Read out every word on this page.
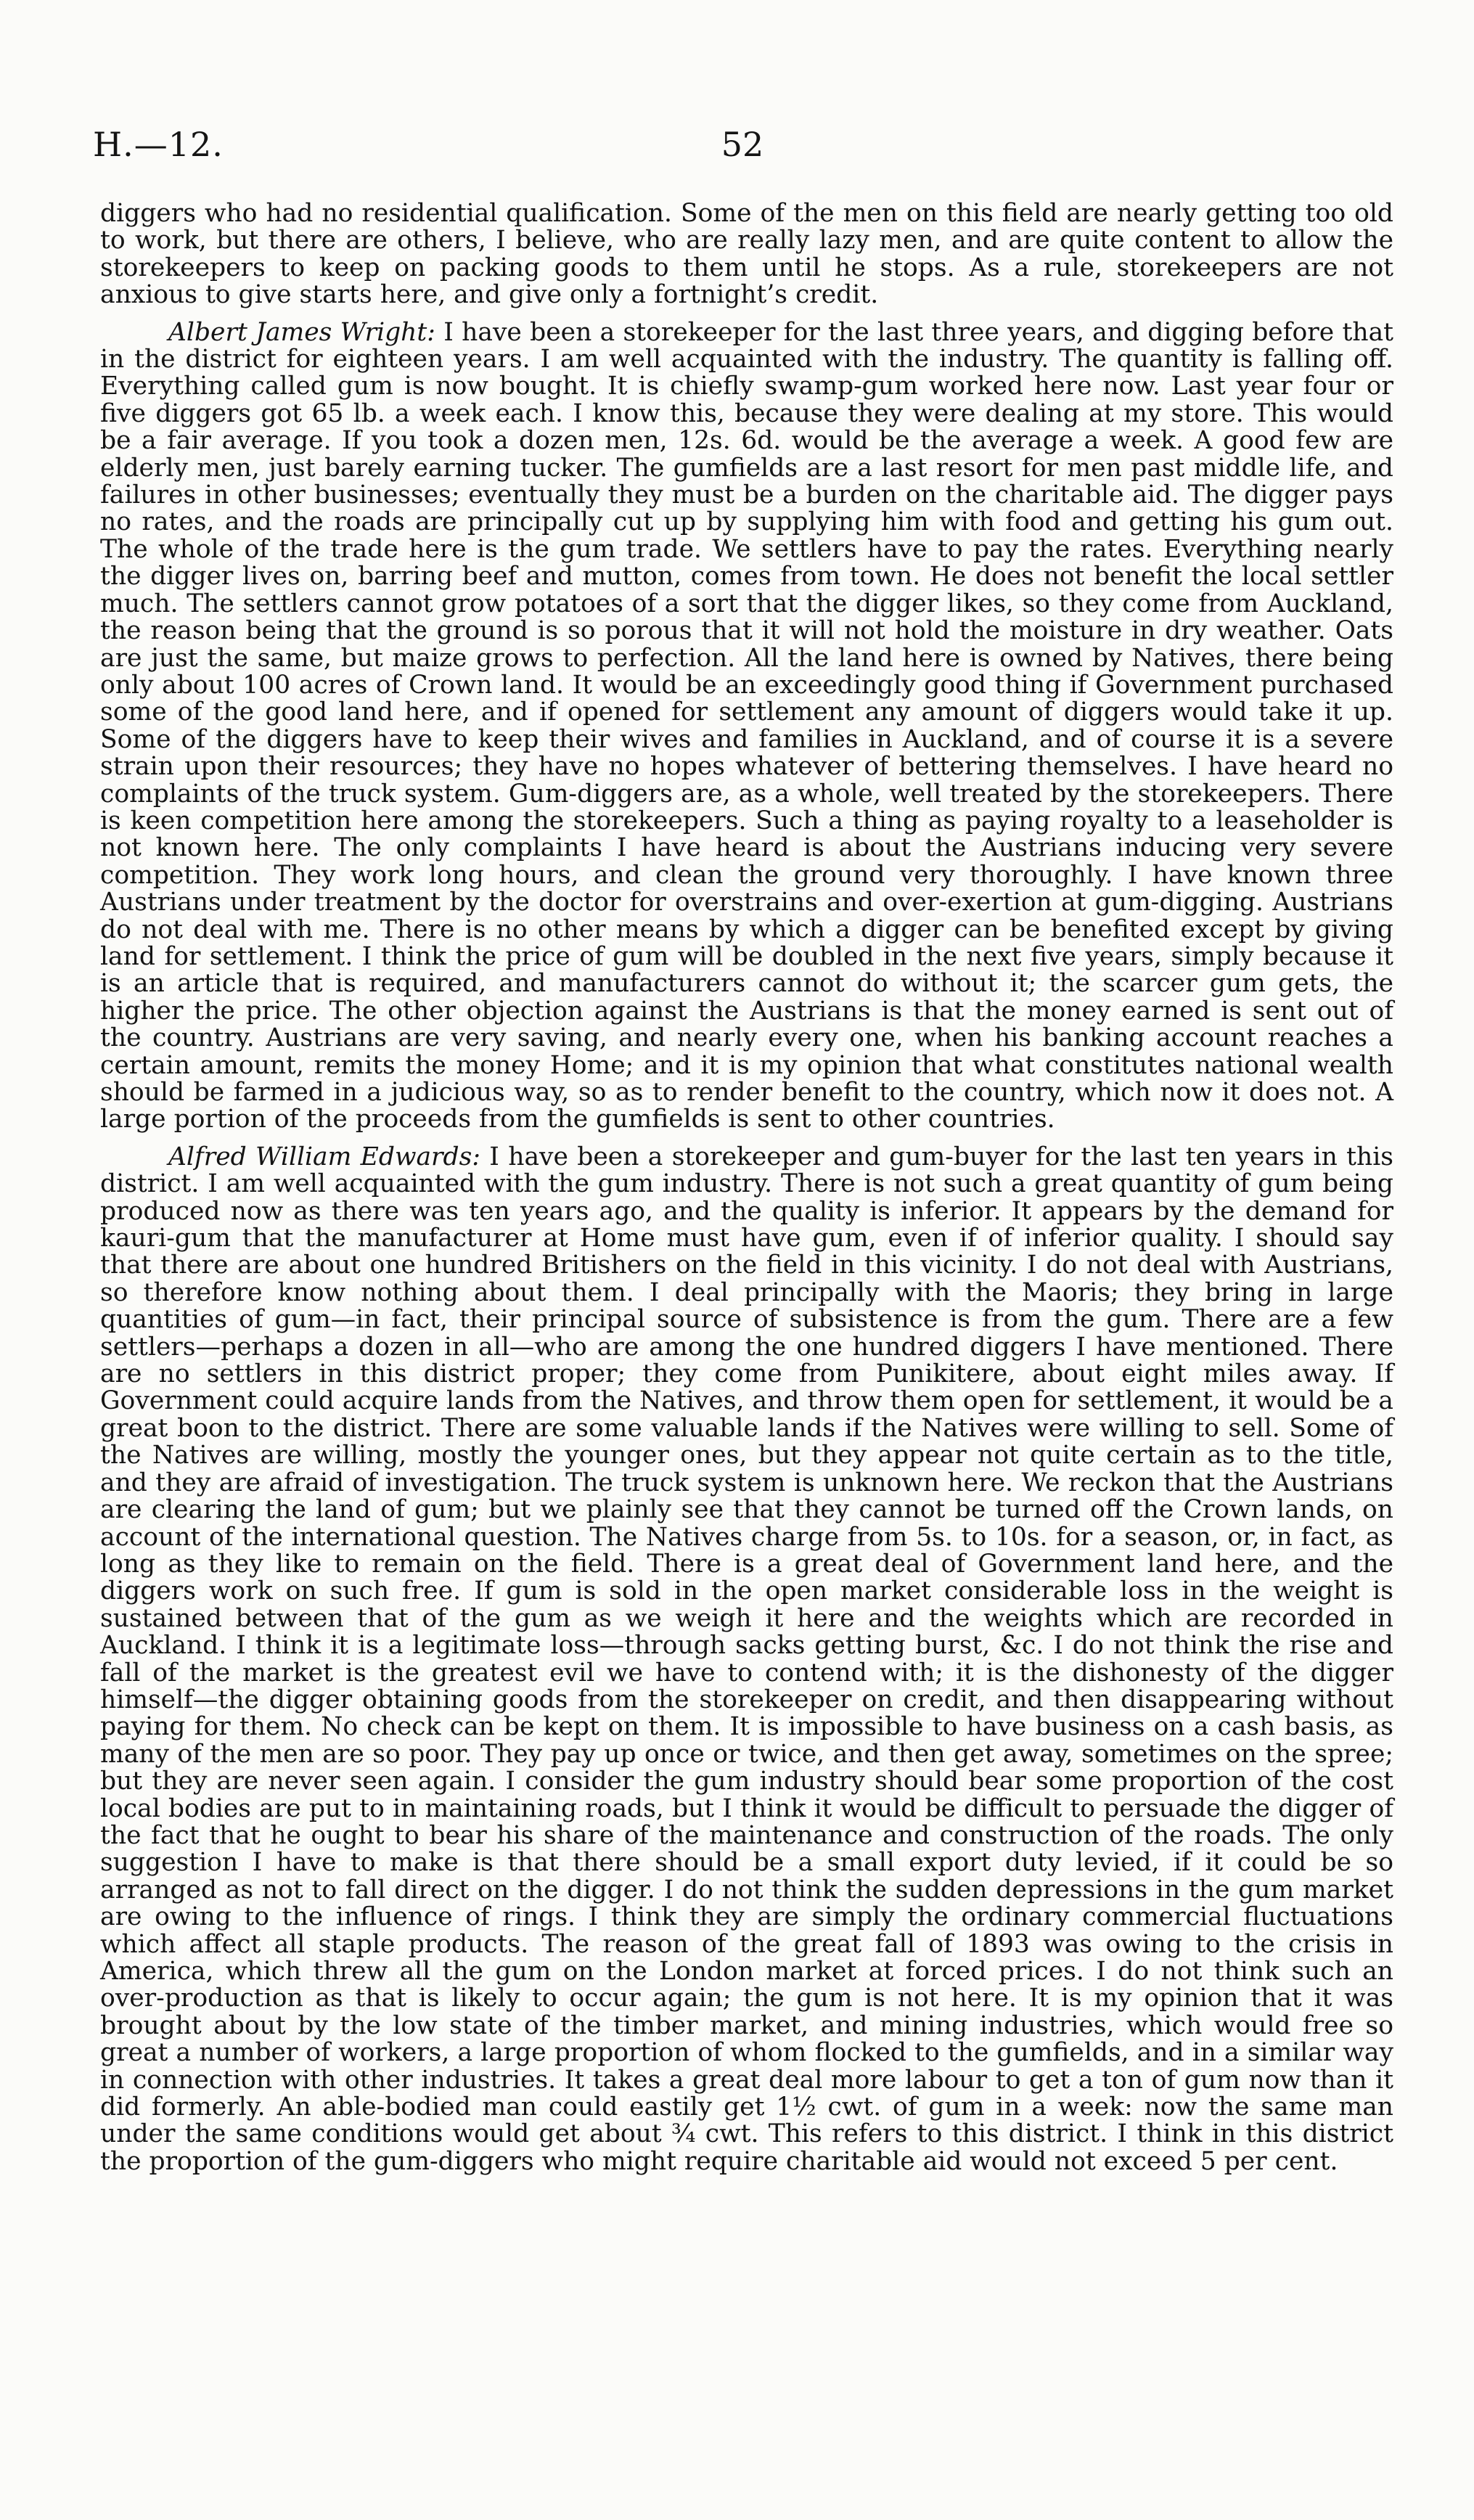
H.—12.	52

diggers who had no residential qualification. Some of the men on this field are nearly getting too old to work, but there are others, I believe, who are really lazy men, and are quite content to allow the storekeepers to keep on packing goods to them until he stops. As a rule, storekeepers are not anxious to give starts here, and give only a fortnight’s credit.

Albert James Wright: I have been a storekeeper for the last three years, and digging before that in the district for eighteen years. I am well acquainted with the industry. The quantity is falling off. Everything called gum is now bought. It is chiefly swamp-gum worked here now. Last year four or five diggers got 65 lb. a week each. I know this, because they were dealing at my store. This would be a fair average. If you took a dozen men, 12s. 6d. would be the average a week. A good few are elderly men, just barely earning tucker. The gumfields are a last resort for men past middle life, and failures in other businesses; eventually they must be a burden on the charitable aid. The digger pays no rates, and the roads are principally cut up by supplying him with food and getting his gum out. The whole of the trade here is the gum trade. We settlers have to pay the rates. Everything nearly the digger lives on, barring beef and mutton, comes from town. He does not benefit the local settler much. The settlers cannot grow potatoes of a sort that the digger likes, so they come from Auckland, the reason being that the ground is so porous that it will not hold the moisture in dry weather. Oats are just the same, but maize grows to perfection. All the land here is owned by Natives, there being only about 100 acres of Crown land. It would be an exceedingly good thing if Government purchased some of the good land here, and if opened for settlement any amount of diggers would take it up. Some of the diggers have to keep their wives and families in Auckland, and of course it is a severe strain upon their resources; they have no hopes whatever of bettering themselves. I have heard no complaints of the truck system. Gum-diggers are, as a whole, well treated by the storekeepers. There is keen competition here among the storekeepers. Such a thing as paying royalty to a leaseholder is not known here. The only complaints I have heard is about the Austrians inducing very severe competition. They work long hours, and clean the ground very thoroughly. I have known three Austrians under treatment by the doctor for overstrains and over-exertion at gum-digging. Austrians do not deal with me. There is no other means by which a digger can be benefited except by giving land for settlement. I think the price of gum will be doubled in the next five years, simply because it is an article that is required, and manufacturers cannot do without it; the scarcer gum gets, the higher the price. The other objection against the Austrians is that the money earned is sent out of the country. Austrians are very saving, and nearly every one, when his banking account reaches a certain amount, remits the money Home; and it is my opinion that what constitutes national wealth should be farmed in a judicious way, so as to render benefit to the country, which now it does not. A large portion of the proceeds from the gumfields is sent to other countries.

Alfred William Edwards: I have been a storekeeper and gum-buyer for the last ten years in this district. I am well acquainted with the gum industry. There is not such a great quantity of gum being produced now as there was ten years ago, and the quality is inferior. It appears by the demand for kauri-gum that the manufacturer at Home must have gum, even if of inferior quality. I should say that there are about one hundred Britishers on the field in this vicinity. I do not deal with Austrians, so therefore know nothing about them. I deal principally with the Maoris; they bring in large quantities of gum—in fact, their principal source of subsistence is from the gum. There are a few settlers—perhaps a dozen in all—who are among the one hundred diggers I have mentioned. There are no settlers in this district proper; they come from Punikitere, about eight miles away. If Government could acquire lands from the Natives, and throw them open for settlement, it would be a great boon to the district. There are some valuable lands if the Natives were willing to sell. Some of the Natives are willing, mostly the younger ones, but they appear not quite certain as to the title, and they are afraid of investigation. The truck system is unknown here. We reckon that the Austrians are clearing the land of gum; but we plainly see that they cannot be turned off the Crown lands, on account of the international question. The Natives charge from 5s. to 10s. for a season, or, in fact, as long as they like to remain on the field. There is a great deal of Government land here, and the diggers work on such free. If gum is sold in the open market considerable loss in the weight is sustained between that of the gum as we weigh it here and the weights which are recorded in Auckland. I think it is a legitimate loss—through sacks getting burst, &c. I do not think the rise and fall of the market is the greatest evil we have to contend with; it is the dishonesty of the digger himself—the digger obtaining goods from the storekeeper on credit, and then disappearing without paying for them. No check can be kept on them. It is impossible to have business on a cash basis, as many of the men are so poor. They pay up once or twice, and then get away, sometimes on the spree; but they are never seen again. I consider the gum industry should bear some proportion of the cost local bodies are put to in maintaining roads, but I think it would be difficult to persuade the digger of the fact that he ought to bear his share of the maintenance and construction of the roads. The only suggestion I have to make is that there should be a small export duty levied, if it could be so arranged as not to fall direct on the digger. I do not think the sudden depressions in the gum market are owing to the influence of rings. I think they are simply the ordinary commercial fluctuations which affect all staple products. The reason of the great fall of 1893 was owing to the crisis in America, which threw all the gum on the London market at forced prices. I do not think such an over-production as that is likely to occur again; the gum is not here. It is my opinion that it was brought about by the low state of the timber market, and mining industries, which would free so great a number of workers, a large proportion of whom flocked to the gumfields, and in a similar way in connection with other industries. It takes a great deal more labour to get a ton of gum now than it did formerly. An able-bodied man could eastily get 1½ cwt. of gum in a week: now the same man under the same conditions would get about ¾ cwt. This refers to this district. I think in this district the proportion of the gum-diggers who might require charitable aid would not exceed 5 per cent.
